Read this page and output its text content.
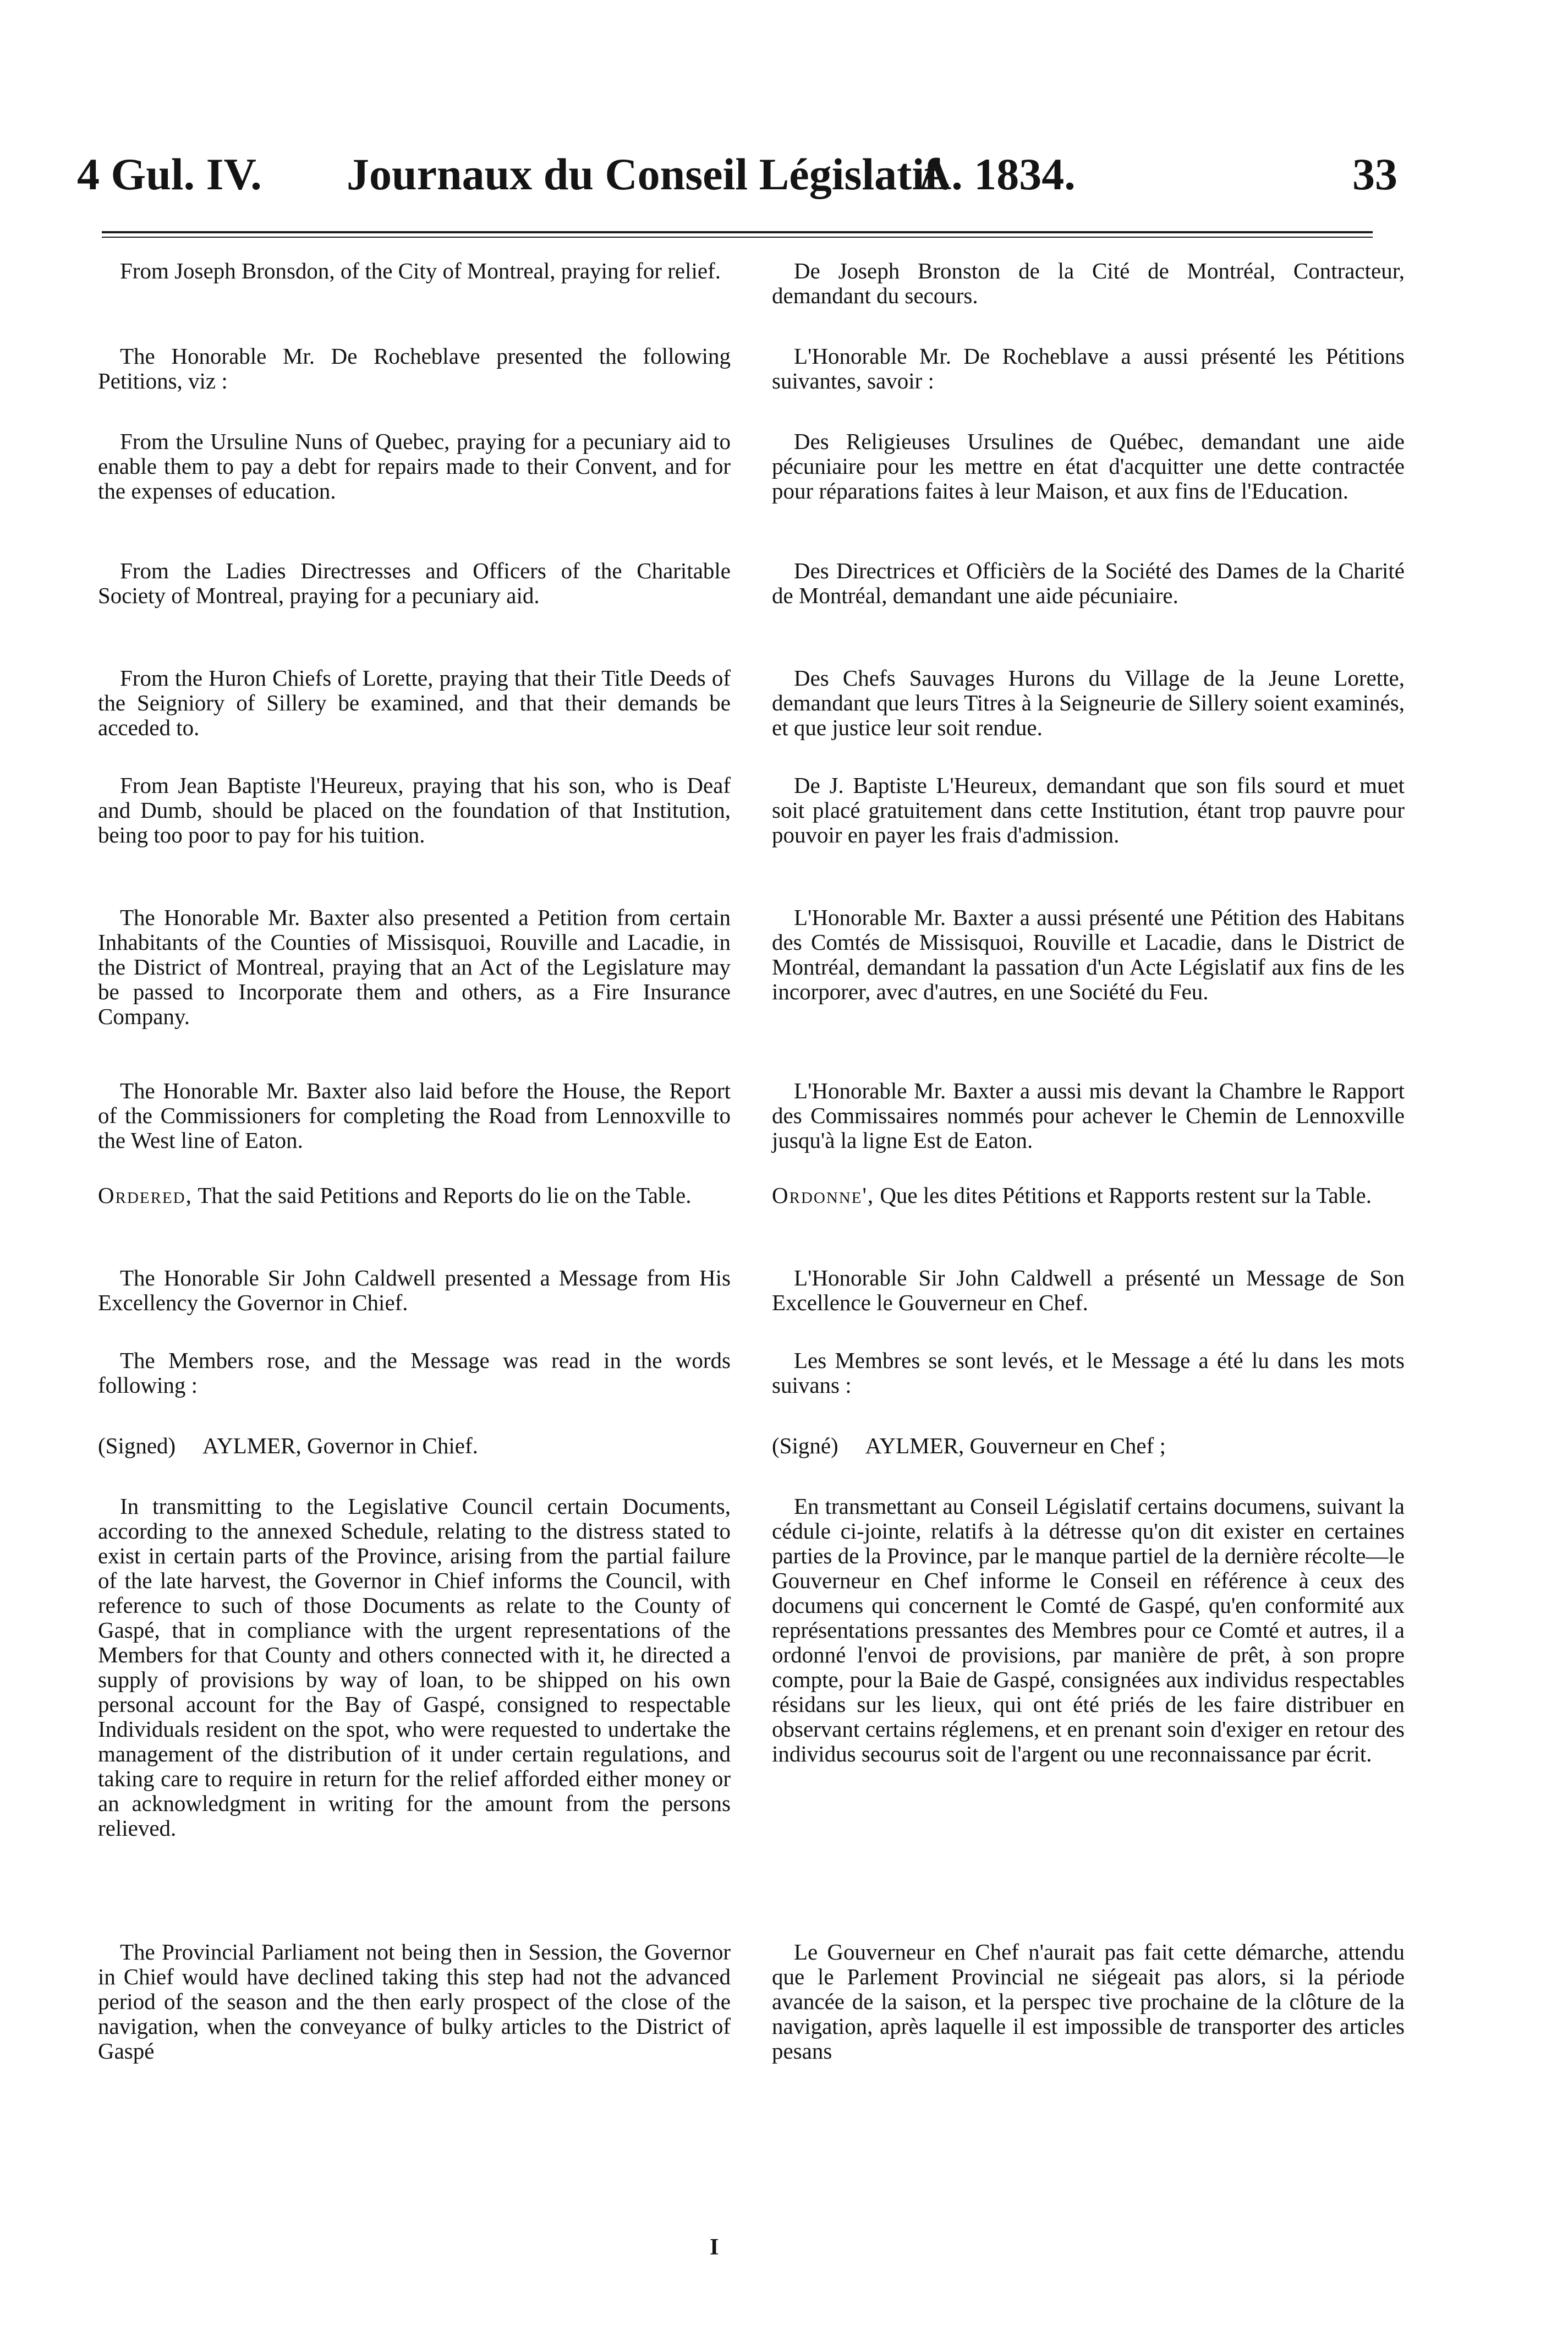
4 Gul. IV. Journaux du Conseil Législatif.
A. 1834.	33

From Joseph Bronsdon, of the City of Montreal, praying for relief.

The Honorable Mr. De Rocheblave presented the following Petitions, viz :

From the Ursuline Nuns of Quebec, praying for a pecuniary aid to enable them to pay a debt for repairs made to their Convent, and for the expenses of education.

From the Ladies Directresses and Officers of the Charitable Society of Montreal, praying for a pecuniary aid.

From the Huron Chiefs of Lorette, praying that their Title Deeds of the Seigniory of Sillery be examined, and that their demands be acceded to.

From Jean Baptiste l'Heureux, praying that his son, who is Deaf and Dumb, should be placed on the foundation of that Institution, being too poor to pay for his tuition.

The Honorable Mr. Baxter also presented a Petition from certain Inhabitants of the Counties of Missisquoi, Rouville and Lacadie, in the District of Montreal, praying that an Act of the Legislature may be passed to Incorporate them and others, as a Fire Insurance Company.

The Honorable Mr. Baxter also laid before the House, the Report of the Commissioners for completing the Road from Lennoxville to the West line of Eaton.

Ordered, That the said Petitions and Reports do lie on the Table.

The Honorable Sir John Caldwell presented a Message from His Excellency the Governor in Chief.

The Members rose, and the Message was read in the words following :

(Signed)     AYLMER, Governor in Chief.

In transmitting to the Legislative Council certain Documents, according to the annexed Schedule, relating to the distress stated to exist in certain parts of the Province, arising from the partial failure of the late harvest, the Governor in Chief informs the Council, with reference to such of those Documents as relate to the County of Gaspé, that in compliance with the urgent representations of the Members for that County and others connected with it, he directed a supply of provisions by way of loan, to be shipped on his own personal account for the Bay of Gaspé, consigned to respectable Individuals resident on the spot, who were requested to undertake the management of the distribution of it under certain regulations, and taking care to require in return for the relief afforded either money or an acknowledgment in writing for the amount from the persons relieved.

The Provincial Parliament not being then in Session, the Governor in Chief would have declined taking this step had not the advanced period of the season and the then early prospect of the close of the navigation, when the conveyance of bulky articles to the District of Gaspé

De Joseph Bronston de la Cité de Montréal, Contracteur, demandant du secours.

L'Honorable Mr. De Rocheblave a aussi présenté les Pétitions suivantes, savoir :

Des Religieuses Ursulines de Québec, demandant une aide pécuniaire pour les mettre en état d'acquitter une dette contractée pour réparations faites à leur Maison, et aux fins de l'Education.

Des Directrices et Officièrs de la Société des Dames de la Charité de Montréal, demandant une aide pécuniaire.

Des Chefs Sauvages Hurons du Village de la Jeune Lorette, demandant que leurs Titres à la Seigneurie de Sillery soient examinés, et que justice leur soit rendue.

De J. Baptiste L'Heureux, demandant que son fils sourd et muet soit placé gratuitement dans cette Institution, étant trop pauvre pour pouvoir en payer les frais d'admission.

L'Honorable Mr. Baxter a aussi présenté une Pétition des Habitans des Comtés de Missisquoi, Rouville et Lacadie, dans le District de Montréal, demandant la passation d'un Acte Législatif aux fins de les incorporer, avec d'autres, en une Société du Feu.

L'Honorable Mr. Baxter a aussi mis devant la Chambre le Rapport des Commissaires nommés pour achever le Chemin de Lennoxville jusqu'à la ligne Est de Eaton.

Ordonne', Que les dites Pétitions et Rapports restent sur la Table.

L'Honorable Sir John Caldwell a présenté un Message de Son Excellence le Gouverneur en Chef.

Les Membres se sont levés, et le Message a été lu dans les mots suivans :

(Signé)     AYLMER, Gouverneur en Chef ;

En transmettant au Conseil Législatif certains documens, suivant la cédule ci-jointe, relatifs à la détresse qu'on dit exister en certaines parties de la Province, par le manque partiel de la dernière récolte—le Gouverneur en Chef informe le Conseil en référence à ceux des documens qui concernent le Comté de Gaspé, qu'en conformité aux représentations pressantes des Membres pour ce Comté et autres, il a ordonné l'envoi de provisions, par manière de prêt, à son propre compte, pour la Baie de Gaspé, consignées aux individus respectables résidans sur les lieux, qui ont été priés de les faire distribuer en observant certains réglemens, et en prenant soin d'exiger en retour des individus secourus soit de l'argent ou une reconnaissance par écrit.

Le Gouverneur en Chef n'aurait pas fait cette démarche, attendu que le Parlement Provincial ne siégeait pas alors, si la période avancée de la saison, et la perspec tive prochaine de la clôture de la navigation, après laquelle il est impossible de transporter des articles pesans

I
